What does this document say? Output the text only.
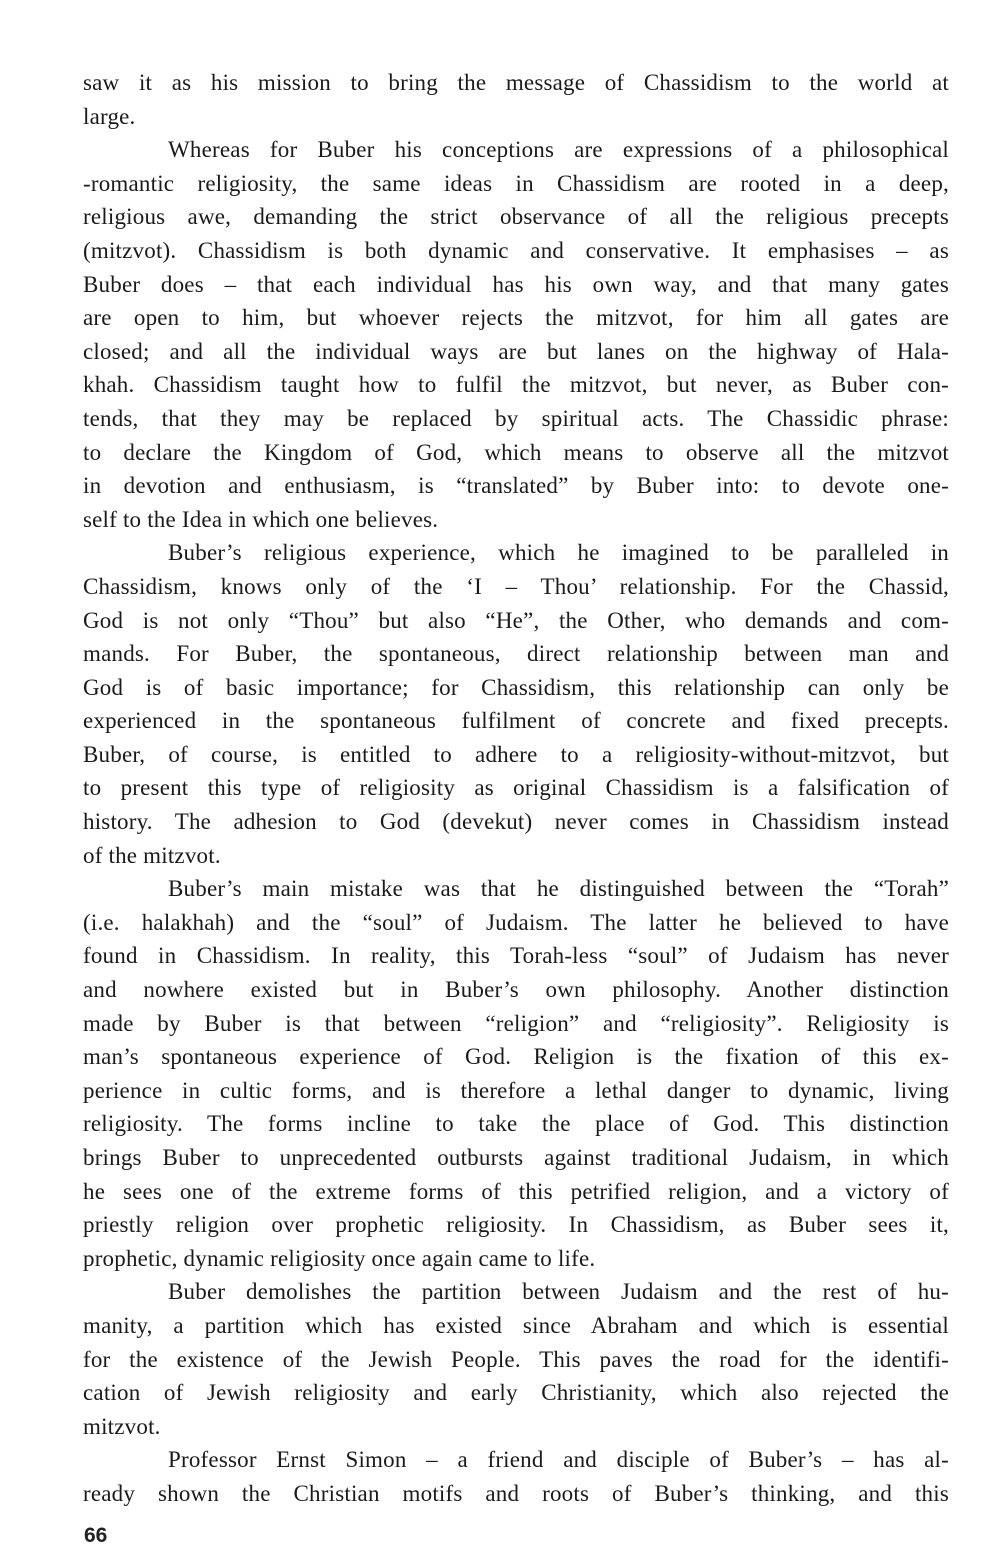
saw it as his mission to bring the message of Chassidism to the world at
large.
Whereas for Buber his conceptions are expressions of a philosophical
-romantic religiosity, the same ideas in Chassidism are rooted in a deep,
religious awe, demanding the strict observance of all the religious precepts
(mitzvot). Chassidism is both dynamic and conservative. It emphasises – as
Buber does – that each individual has his own way, and that many gates
are open to him, but whoever rejects the mitzvot, for him all gates are
closed; and all the individual ways are but lanes on the highway of Hala-
khah. Chassidism taught how to fulfil the mitzvot, but never, as Buber con-
tends, that they may be replaced by spiritual acts. The Chassidic phrase:
to declare the Kingdom of God, which means to observe all the mitzvot
in devotion and enthusiasm, is “translated” by Buber into: to devote one-
self to the Idea in which one believes.
Buber’s religious experience, which he imagined to be paralleled in
Chassidism, knows only of the ‘I – Thou’ relationship. For the Chassid,
God is not only “Thou” but also “He”, the Other, who demands and com-
mands. For Buber, the spontaneous, direct relationship between man and
God is of basic importance; for Chassidism, this relationship can only be
experienced in the spontaneous fulfilment of concrete and fixed precepts.
Buber, of course, is entitled to adhere to a religiosity-without-mitzvot, but
to present this type of religiosity as original Chassidism is a falsification of
history. The adhesion to God (devekut) never comes in Chassidism instead
of the mitzvot.
Buber’s main mistake was that he distinguished between the “Torah”
(i.e. halakhah) and the “soul” of Judaism. The latter he believed to have
found in Chassidism. In reality, this Torah-less “soul” of Judaism has never
and nowhere existed but in Buber’s own philosophy. Another distinction
made by Buber is that between “religion” and “religiosity”. Religiosity is
man’s spontaneous experience of God. Religion is the fixation of this ex-
perience in cultic forms, and is therefore a lethal danger to dynamic, living
religiosity. The forms incline to take the place of God. This distinction
brings Buber to unprecedented outbursts against traditional Judaism, in which
he sees one of the extreme forms of this petrified religion, and a victory of
priestly religion over prophetic religiosity. In Chassidism, as Buber sees it,
prophetic, dynamic religiosity once again came to life.
Buber demolishes the partition between Judaism and the rest of hu-
manity, a partition which has existed since Abraham and which is essential
for the existence of the Jewish People. This paves the road for the identifi-
cation of Jewish religiosity and early Christianity, which also rejected the
mitzvot.
Professor Ernst Simon – a friend and disciple of Buber’s – has al-
ready shown the Christian motifs and roots of Buber’s thinking, and this
66
